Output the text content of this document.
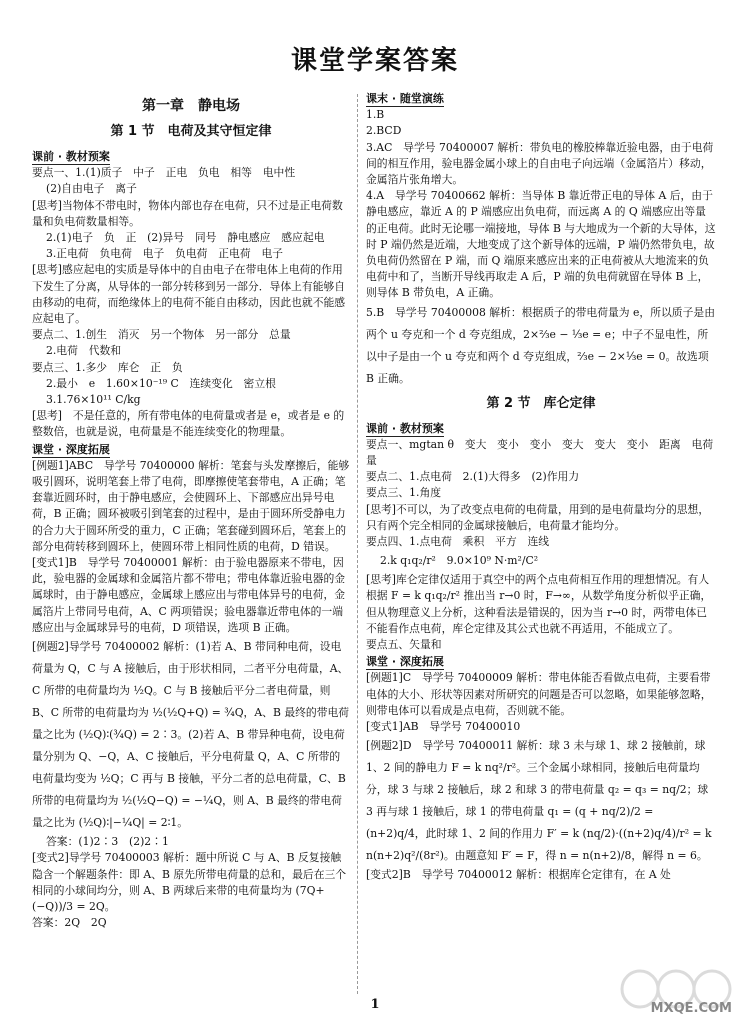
课堂学案答案
第一章　静电场
第 1 节　电荷及其守恒定律
课前 · 教材预案
要点一、1.(1)质子　中子　正电　负电　相等　电中性
(2)自由电子　离子
[思考]当物体不带电时，物体内部也存在电荷，只不过是正电荷数量和负电荷数量相等。
2.(1)电子　负　正　(2)异号　同号　静电感应　感应起电
3.正电荷　负电荷　电子　负电荷　正电荷　电子
[思考]感应起电的实质是导体中的自由电子在带电体上电荷的作用下发生了分离，从导体的一部分转移到另一部分．导体上有能够自由移动的电荷，而绝缘体上的电荷不能自由移动，因此也就不能感应起电了。
要点二、1.创生　消灭　另一个物体　另一部分　总量
2.电荷　代数和
要点三、1.多少　库仑　正　负
2.最小　e　1.60×10⁻¹⁹ C　连续变化　密立根
3.1.76×10¹¹ C/kg
[思考]　不是任意的，所有带电体的电荷量或者是 e，或者是 e 的整数倍，也就是说，电荷量是不能连续变化的物理量。
课堂 · 深度拓展
[例题1]ABC　导学号 70400000 解析：笔套与头发摩擦后，能够吸引圆环，说明笔套上带了电荷，即摩擦使笔套带电，A 正确；笔套靠近圆环时，由于静电感应，会使圆环上、下部感应出异号电荷，B 正确；圆环被吸引到笔套的过程中，是由于圆环所受静电力的合力大于圆环所受的重力，C 正确；笔套碰到圆环后，笔套上的部分电荷转移到圆环上，使圆环带上相同性质的电荷，D 错误。
[变式1]B　导学号 70400001 解析：由于验电器原来不带电，因此，验电器的金属球和金属箔片都不带电；带电体靠近验电器的金属球时，由于静电感应，金属球上感应出与带电体异号的电荷，金属箔片上带同号电荷，A、C 两项错误；验电器靠近带电体的一端感应出与金属球异号的电荷，D 项错误，选项 B 正确。
[例题2]导学号 70400002 解析：(1)若 A、B 带同种电荷，设电荷量为 Q，C 与 A 接触后，由于形状相同，二者平分电荷量，A、C 所带的电荷量均为 ½Q。C 与 B 接触后平分二者电荷量，则 B、C 所带的电荷量均为 ½(½Q+Q) = ¾Q，A、B 最终的带电荷量之比为 (½Q)∶(¾Q) = 2∶3。(2)若 A、B 带异种电荷，设电荷量分别为 Q、−Q，A、C 接触后，平分电荷量 Q，A、C 所带的电荷量均变为 ½Q；C 再与 B 接触，平分二者的总电荷量，C、B 所带的电荷量均为 ½(½Q−Q) = −¼Q，则 A、B 最终的带电荷量之比为 (½Q)∶|−¼Q| = 2∶1。
答案：(1)2∶3　(2)2∶1
[变式2]导学号 70400003 解析：题中所说 C 与 A、B 反复接触隐含一个解题条件：即 A、B 原先所带电荷量的总和，最后在三个相同的小球间均分，则 A、B 两球后来带的电荷量均为 (7Q+(−Q))/3 = 2Q。
答案：2Q　2Q
课末 · 随堂演练
1.B
2.BCD
3.AC　导学号 70400007 解析：带负电的橡胶棒靠近验电器，由于电荷间的相互作用，验电器金属小球上的自由电子向远端（金属箔片）移动，金属箔片张角增大。
4.A　导学号 70400662 解析：当导体 B 靠近带正电的导体 A 后，由于静电感应，靠近 A 的 P 端感应出负电荷，而远离 A 的 Q 端感应出等量的正电荷。此时无论哪一端接地，导体 B 与大地成为一个新的大导体，这时 P 端仍然是近端，大地变成了这个新导体的远端，P 端仍然带负电，故负电荷仍然留在 P 端，而 Q 端原来感应出来的正电荷被从大地流来的负电荷中和了，当断开导线再取走 A 后，P 端的负电荷就留在导体 B 上，则导体 B 带负电，A 正确。
5.B　导学号 70400008 解析：根据质子的带电荷量为 e，所以质子是由两个 u 夸克和一个 d 夸克组成，2×⅔e − ⅓e = e；中子不显电性，所以中子是由一个 u 夸克和两个 d 夸克组成，⅔e − 2×⅓e = 0。故选项 B 正确。
第 2 节　库仑定律
课前 · 教材预案
要点一、mgtan θ　变大　变小　变小　变大　变大　变小　距离　电荷量
要点二、1.点电荷　2.(1)大得多　(2)作用力
要点三、1.角度
[思考]不可以，为了改变点电荷的电荷量，用到的是电荷量均分的思想，只有两个完全相同的金属球接触后，电荷量才能均分。
要点四、1.点电荷　乘积　平方　连线
2.k q₁q₂/r²　9.0×10⁹ N·m²/C²
[思考]库仑定律仅适用于真空中的两个点电荷相互作用的理想情况。有人根据 F = k q₁q₂/r² 推出当 r→0 时，F→∞，从数学角度分析似乎正确，但从物理意义上分析，这种看法是错误的，因为当 r→0 时，两带电体已不能看作点电荷，库仑定律及其公式也就不再适用，不能成立了。
要点五、矢量和
课堂 · 深度拓展
[例题1]C　导学号 70400009 解析：带电体能否看做点电荷，主要看带电体的大小、形状等因素对所研究的问题是否可以忽略，如果能够忽略，则带电体可以看成是点电荷，否则就不能。
[变式1]AB　导学号 70400010
[例题2]D　导学号 70400011 解析：球 3 未与球 1、球 2 接触前，球 1、2 间的静电力 F = k nq²/r²。三个金属小球相同，接触后电荷量均分，球 3 与球 2 接触后，球 2 和球 3 的带电荷量 q₂ = q₃ = nq/2；球 3 再与球 1 接触后，球 1 的带电荷量 q₁ = (q + nq/2)/2 = (n+2)q/4，此时球 1、2 间的作用力 F′ = k (nq/2)·((n+2)q/4)/r² = k n(n+2)q²/(8r²)。由题意知 F′ = F，得 n = n(n+2)/8，解得 n = 6。
[变式2]B　导学号 70400012 解析：根据库仑定律有，在 A 处
1	MXQE.COM
